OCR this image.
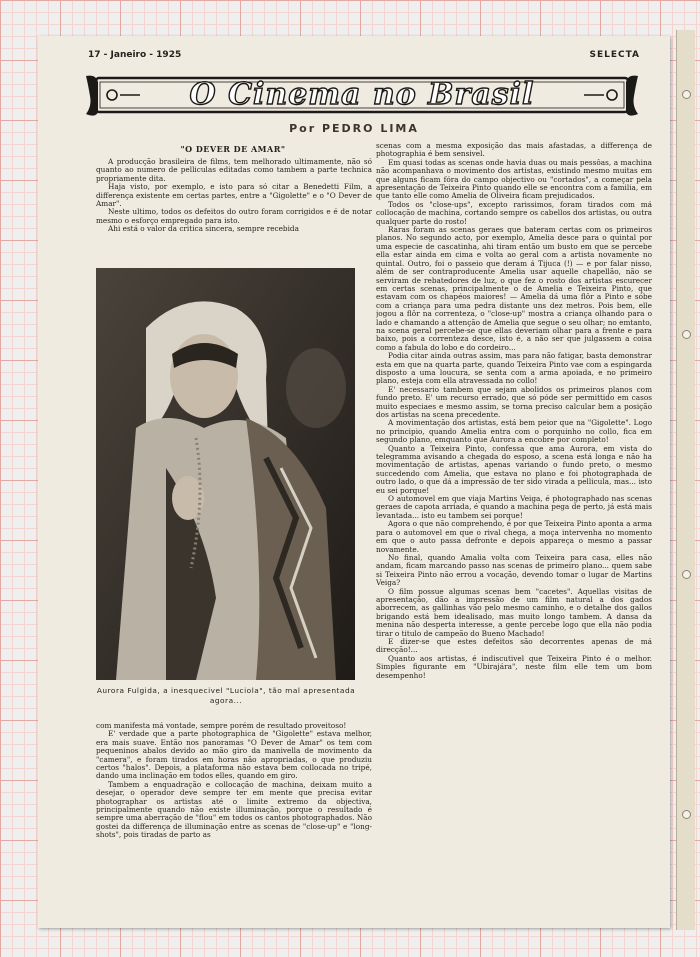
17 - Janeiro - 1925	SELECTA
O Cinema no Brasil
Por PEDRO LIMA
"O DEVER DE AMAR"

A producção brasileira de films, tem melhorado ultimamente, não só quanto ao numero de pelliculas editadas como tambem a parte technica propriamente dita.

Haja visto, por exemplo, e isto para só citar a Benedetti Film, a differença existente em certas partes, entre a "Gigolette" e o "O Dever de Amar".

Neste ultimo, todos os defeitos do outro foram corrigidos e é de notar mesmo o esforço empregado para isto.

Ahi está o valor da critica sincera, sempre recebida

Aurora Fulgida, a inesquecivel "Luciola", tão mal apresentada agora...

com manifesta má vontade, sempre porém de resultado proveitoso!

E' verdade que a parte photographica de "Gigolette" estava melhor, era mais suave. Então nos panoramas "O Dever de Amar" os tem com pequeninos abalos devido ao mão giro da manivella de movimento da "camera", e foram tirados em horas não apropriadas, o que produziu certos "halos". Depois, a plataforma não estava bem collocada no tripé, dando uma inclinação em todos elles, quando em giro.

Tambem a enquadração e collocação de machina, deixam muito a desejar, o operador deve sempre ter em mente que precisa evitar photographar os artistas até o limite extremo da objectiva, principalmente quando não existe illuminação, porque o resultado é sempre uma aberração de "flou" em todos os cantos photographados. Não gostei da differença de illuminação entre as scenas de "close-up" e "long-shots", pois tiradas de parto as

scenas com a mesma exposição das mais afastadas, a differença de photographia é bem sensivel.

Em quasi todas as scenas onde havia duas ou mais pessôas, a machina não acompanhava o movimento dos artistas, existindo mesmo muitas em que alguns ficam fóra do campo objectivo ou "cortados", a começar pela apresentação de Teixeira Pinto quando elle se encontra com a familia, em que tanto elle como Amelia de Oliveira ficam prejudicados.

Todos os "close-ups", excepto rarissimos, foram tirados com má collocação de machina, cortando sempre os cabellos dos artistas, ou outra qualquer parte do rosto!

Raras foram as scenas geraes que bateram certas com os primeiros planos. No segundo acto, por exemplo, Amelia desce para o quintal por uma especie de cascatinha, ahi tiram então um busto em que se percebe ella estar ainda em cima e volta ao geral com a artista novamente no quintal. Outro, foi o passeio que deram á Tijuca (!) — e por falar nisso, além de ser contraproducente Amelia usar aquelle chapellão, não se serviram de rebatedores de luz, o que fez o rosto dos artistas escurecer em certas scenas, principalmente o de Amelia e Teixeira Pinto, que estavam com os chapéos maiores! — Amelia dá uma flôr a Pinto e sóbe com a criança para uma pedra distante uns dez metros. Pois bem, elle jogou a flôr na correnteza, o "close-up" mostra a criança olhando para o lado e chamando a attenção de Amelia que segue o seu olhar; no emtanto, na scena geral percebe-se que ellas deveriam olhar para a frente e para baixo, pois a correnteza desce, isto é, a não ser que julgassem a coisa como a fabula do lobo e do cordeiro...

Podia citar ainda outras assim, mas para não fatigar, basta demonstrar esta em que na quarta parte, quando Teixeira Pinto vae com a espingarda disposto a uma loucura, se senta com a arma apoiada, e no primeiro plano, esteja com ella atravessada no collo!

E' necessario tambem que sejam abolidos os primeiros planos com fundo preto. E' um recurso errado, que só póde ser permittido em casos muito especiaes e mesmo assim, se torna preciso calcular bem a posição dos artistas na scena precedente.

A movimentação dos artistas, está bem peior que na "Gigolette". Logo no principio, quando Amelia entra com o porquinho no collo, fica em segundo plano, emquanto que Aurora a encobre por completo!

Quanto a Teixeira Pinto, confessa que ama Aurora, em vista do telegramma avisando a chegada do esposo, a scena está longa e não ha movimentação de artistas, apenas variando o fundo preto, o mesmo succedendo com Amelia, que estava no plano e foi photographada de outro lado, o que dá a impressão de ter sido virada a pellicula, mas... isto eu sei porque!

O automovel em que viaja Martins Veiga, é photographado nas scenas geraes de capota arriada, é quando a machina pega de perto, já está mais levantada... isto eu tambem sei porque!

Agora o que não comprehendo, é por que Teixeira Pinto aponta a arma para o automovel em que o rival chega, a moça intervenha no momento em que o auto passa defronte e depois appareça o mesmo a passar novamente.

No final, quando Amalia volta com Teixeira para casa, elles não andam, ficam marcando passo nas scenas de primeiro plano... quem sabe si Teixeira Pinto não errou a vocação, devendo tomar o lugar de Martins Veiga?

O film possue algumas scenas bem "cacetes". Aquellas visitas de apresentação, dão a impressão de um film natural a dos gados aborrecem, as gallinhas vão pelo mesmo caminho, e o detalhe dos gallos brigando está bem idealisado, mas muito longo tambem. A dansa da menina não desperta interesse, a gente percebe logo que ella não podia tirar o titulo de campeão do Bueno Machado!

E dizer-se que estes defeitos são decorrentes apenas de má direcção!...

Quanto aos artistas, é indiscutivel que Teixeira Pinto é o melhor. Simples figurante em "Ubirajára", neste film elle tem um bom desempenho!
